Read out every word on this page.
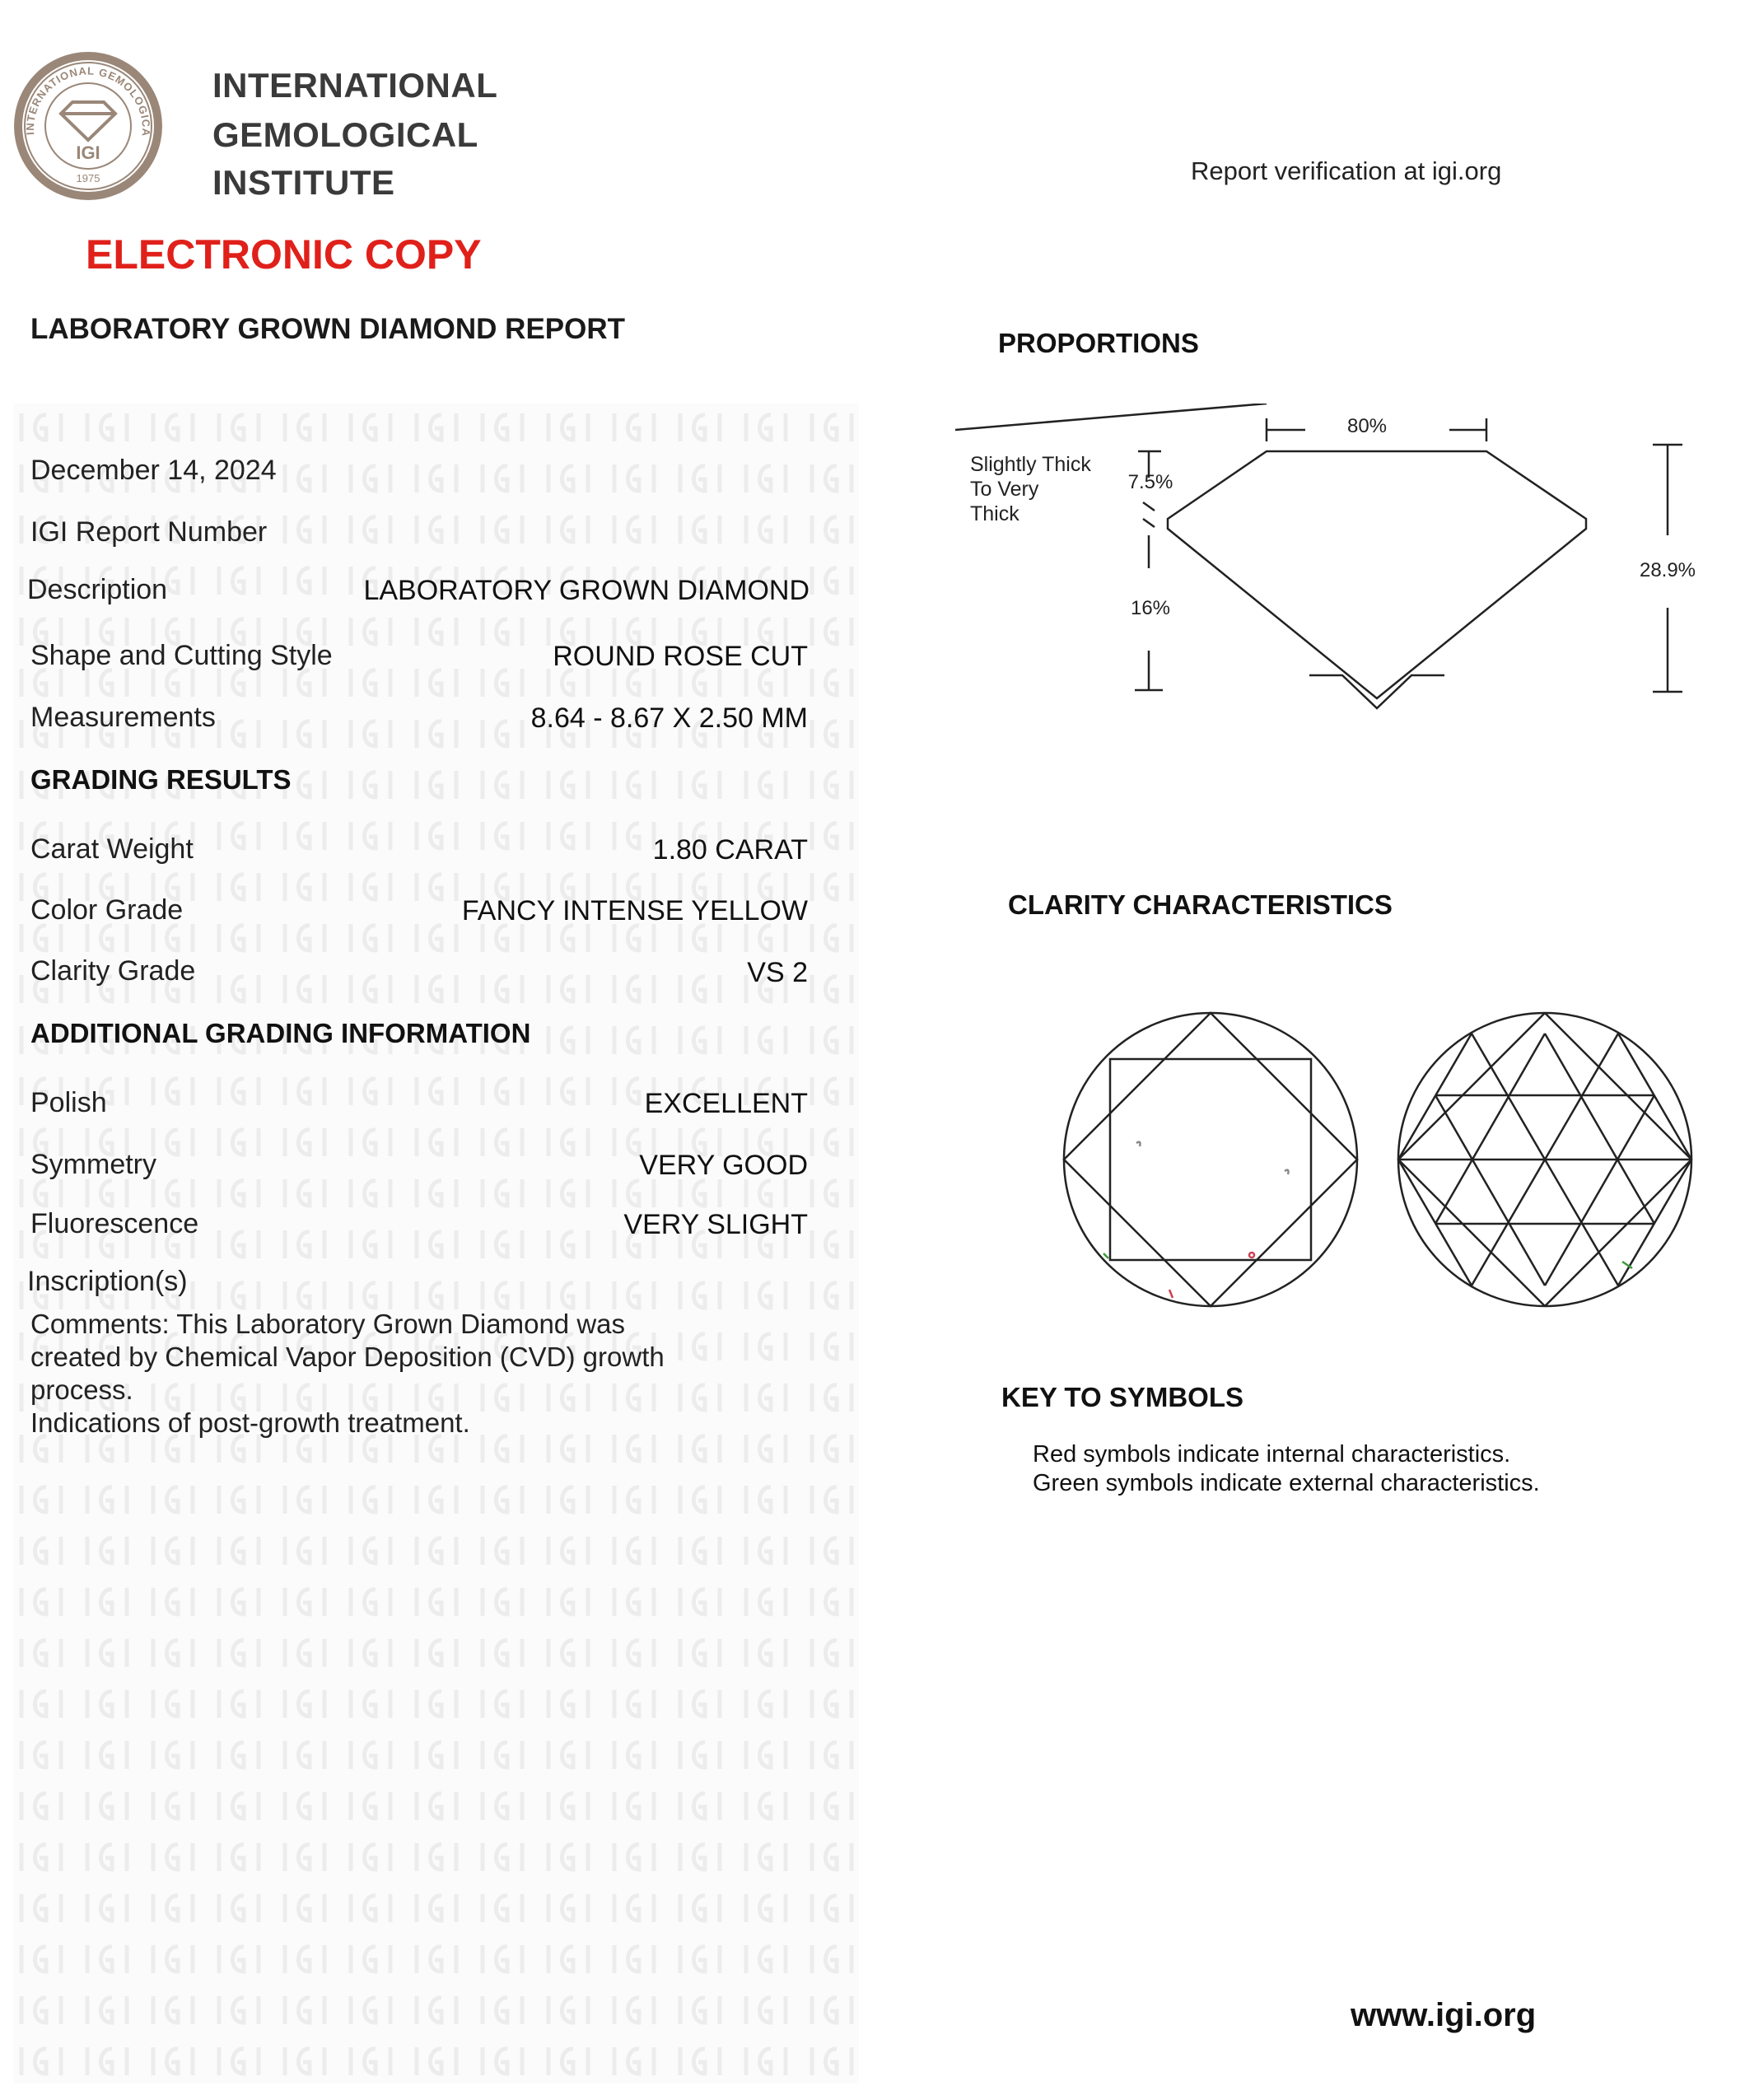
INTERNATIONAL GEMOLOGICA
1975
IGI
INTERNATIONAL
GEMOLOGICAL
INSTITUTE
ELECTRONIC COPY
Report verification at igi.org
LABORATORY GROWN DIAMOND REPORT
December 14, 2024
IGI Report Number
Description	LABORATORY GROWN DIAMOND
Shape and Cutting Style	ROUND ROSE CUT
Measurements	8.64 - 8.67 X 2.50 MM
GRADING RESULTS
Carat Weight	1.80 CARAT
Color Grade	FANCY INTENSE YELLOW
Clarity Grade	VS 2
ADDITIONAL GRADING INFORMATION
Polish	EXCELLENT
Symmetry	VERY GOOD
Fluorescence	VERY SLIGHT
Inscription(s)
Comments: This Laboratory Grown Diamond was
created by Chemical Vapor Deposition (CVD) growth
process.
Indications of post-growth treatment.
PROPORTIONS
80%
7.5%
16%
28.9%
Slightly Thick
To Very
Thick
CLARITY CHARACTERISTICS
KEY TO SYMBOLS
Red symbols indicate internal characteristics.
Green symbols indicate external characteristics.
www.igi.org
